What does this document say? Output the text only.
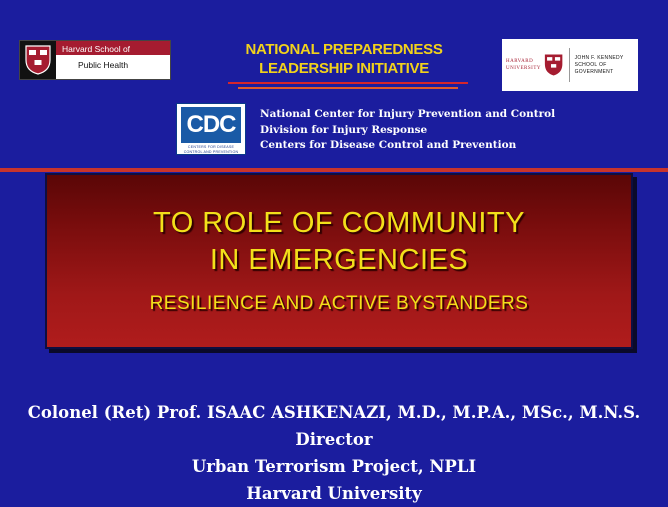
Harvard School of
Public Health
NATIONAL PREPAREDNESS
LEADERSHIP INITIATIVE	HARVARD UNIVERSITY
JOHN F. KENNEDY
SCHOOL OF GOVERNMENT
CDC
CENTERS FOR DISEASE
CONTROL AND PREVENTION
National Center for Injury Prevention and Control
Division for Injury Response
Centers for Disease Control and Prevention
TO ROLE OF COMMUNITY
IN EMERGENCIES
RESILIENCE AND ACTIVE BYSTANDERS
Colonel (Ret) Prof. ISAAC ASHKENAZI, M.D., M.P.A., MSc., M.N.S.
Director
Urban Terrorism Project, NPLI
Harvard University
